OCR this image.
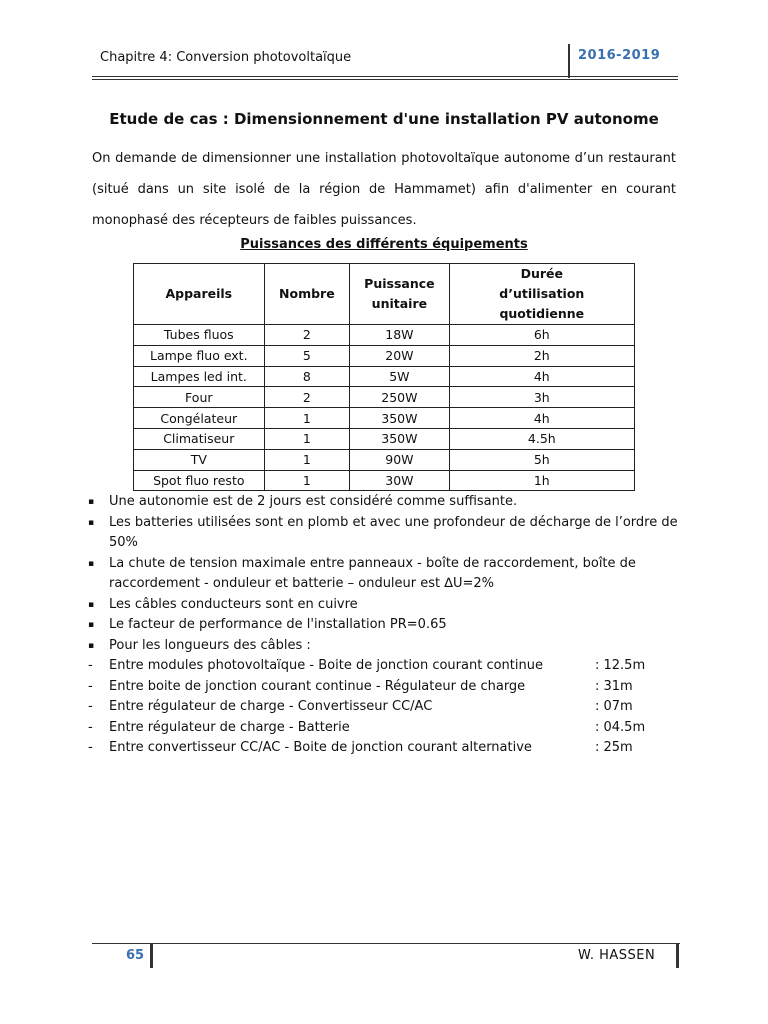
Chapitre 4: Conversion photovoltaïque	2016-2019
Etude de cas : Dimensionnement d'une installation PV autonome
On demande de dimensionner une installation photovoltaïque autonome d’un restaurant (situé dans un site isolé de la région de Hammamet) afin d'alimenter en courant monophasé des récepteurs de faibles puissances.
Puissances des différents équipements
Appareils	Nombre	Puissance unitaire	Durée d’utilisation quotidienne
Tubes fluos	2	18W	6h
Lampe fluo ext.	5	20W	2h
Lampes led int.	8	5W	4h
Four	2	250W	3h
Congélateur	1	350W	4h
Climatiseur	1	350W	4.5h
TV	1	90W	5h
Spot fluo resto	1	30W	1h
▪	Une autonomie est de 2 jours est considéré comme suffisante.
▪	Les batteries utilisées sont en plomb et avec une profondeur de décharge de l’ordre de 50%
▪	La chute de tension maximale entre panneaux - boîte de raccordement, boîte de raccordement - onduleur et batterie – onduleur est ∆U=2%
▪	Les câbles conducteurs sont en cuivre
▪	Le facteur de performance de l'installation PR=0.65
▪	Pour les longueurs des câbles :
-	Entre modules photovoltaïque - Boite de jonction courant continue	: 12.5m
-	Entre boite de jonction courant continue - Régulateur de charge	: 31m
-	Entre régulateur de charge - Convertisseur CC/AC	: 07m
-	Entre régulateur de charge - Batterie	: 04.5m
-	Entre convertisseur CC/AC - Boite de jonction courant alternative	: 25m
65	W. HASSEN
